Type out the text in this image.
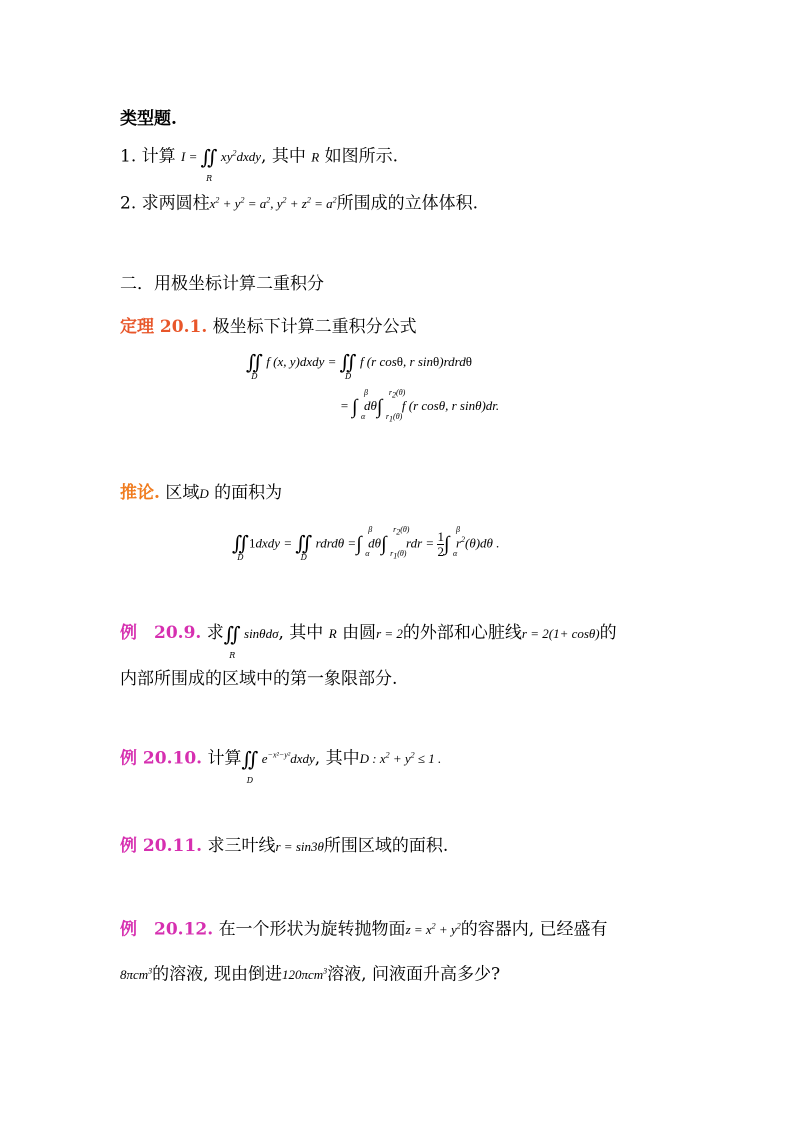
类型题.
1. 计算 I = ∬
R
$xy^2dxdy$, 其中 R 如图所示.
2. 求两圆柱$x^2 + y^2 = a^2$, $y^2 + z^2 = a^2$所围成的立体体积.
二．用极坐标计算二重积分
定理 20.1. 极坐标下计算二重积分公式
∬
D
f (x, y)dxdy = ∬
D
f (r cosθ, r sinθ)rdrdθ
= ∫
β
α
dθ∫
$r_2(\theta)$
$r_1(\theta)$
f (r cosθ, r sinθ)dr.
推论. 区域D 的面积为
∬
D
1dxdy = ∬
D
rdrdθ =∫
β
α
dθ∫
$r_2(\theta)$
$r_1(\theta)$
rdr = $\frac{1}{2}$ ∫
β
α
$r^2(\theta)d\theta$ .
例　20.9. 求∬
R
sinθdσ, 其中 R 由圆r = 2的外部和心脏线r = 2(1+ cosθ)的
内部所围成的区域中的第一象限部分.
例 20.10. 计算∬
D
$e^{-x^2-y^2}dxdy$, 其中D : $x^2 + y^2 \le 1$ .
例 20.11. 求三叶线r = sin3θ所围区域的面积.
例　20.12. 在一个形状为旋转抛物面$z = x^2 + y^2$的容器内, 已经盛有
8πcm$^3$的溶液, 现由倒进120πcm$^3$溶液, 问液面升高多少?
